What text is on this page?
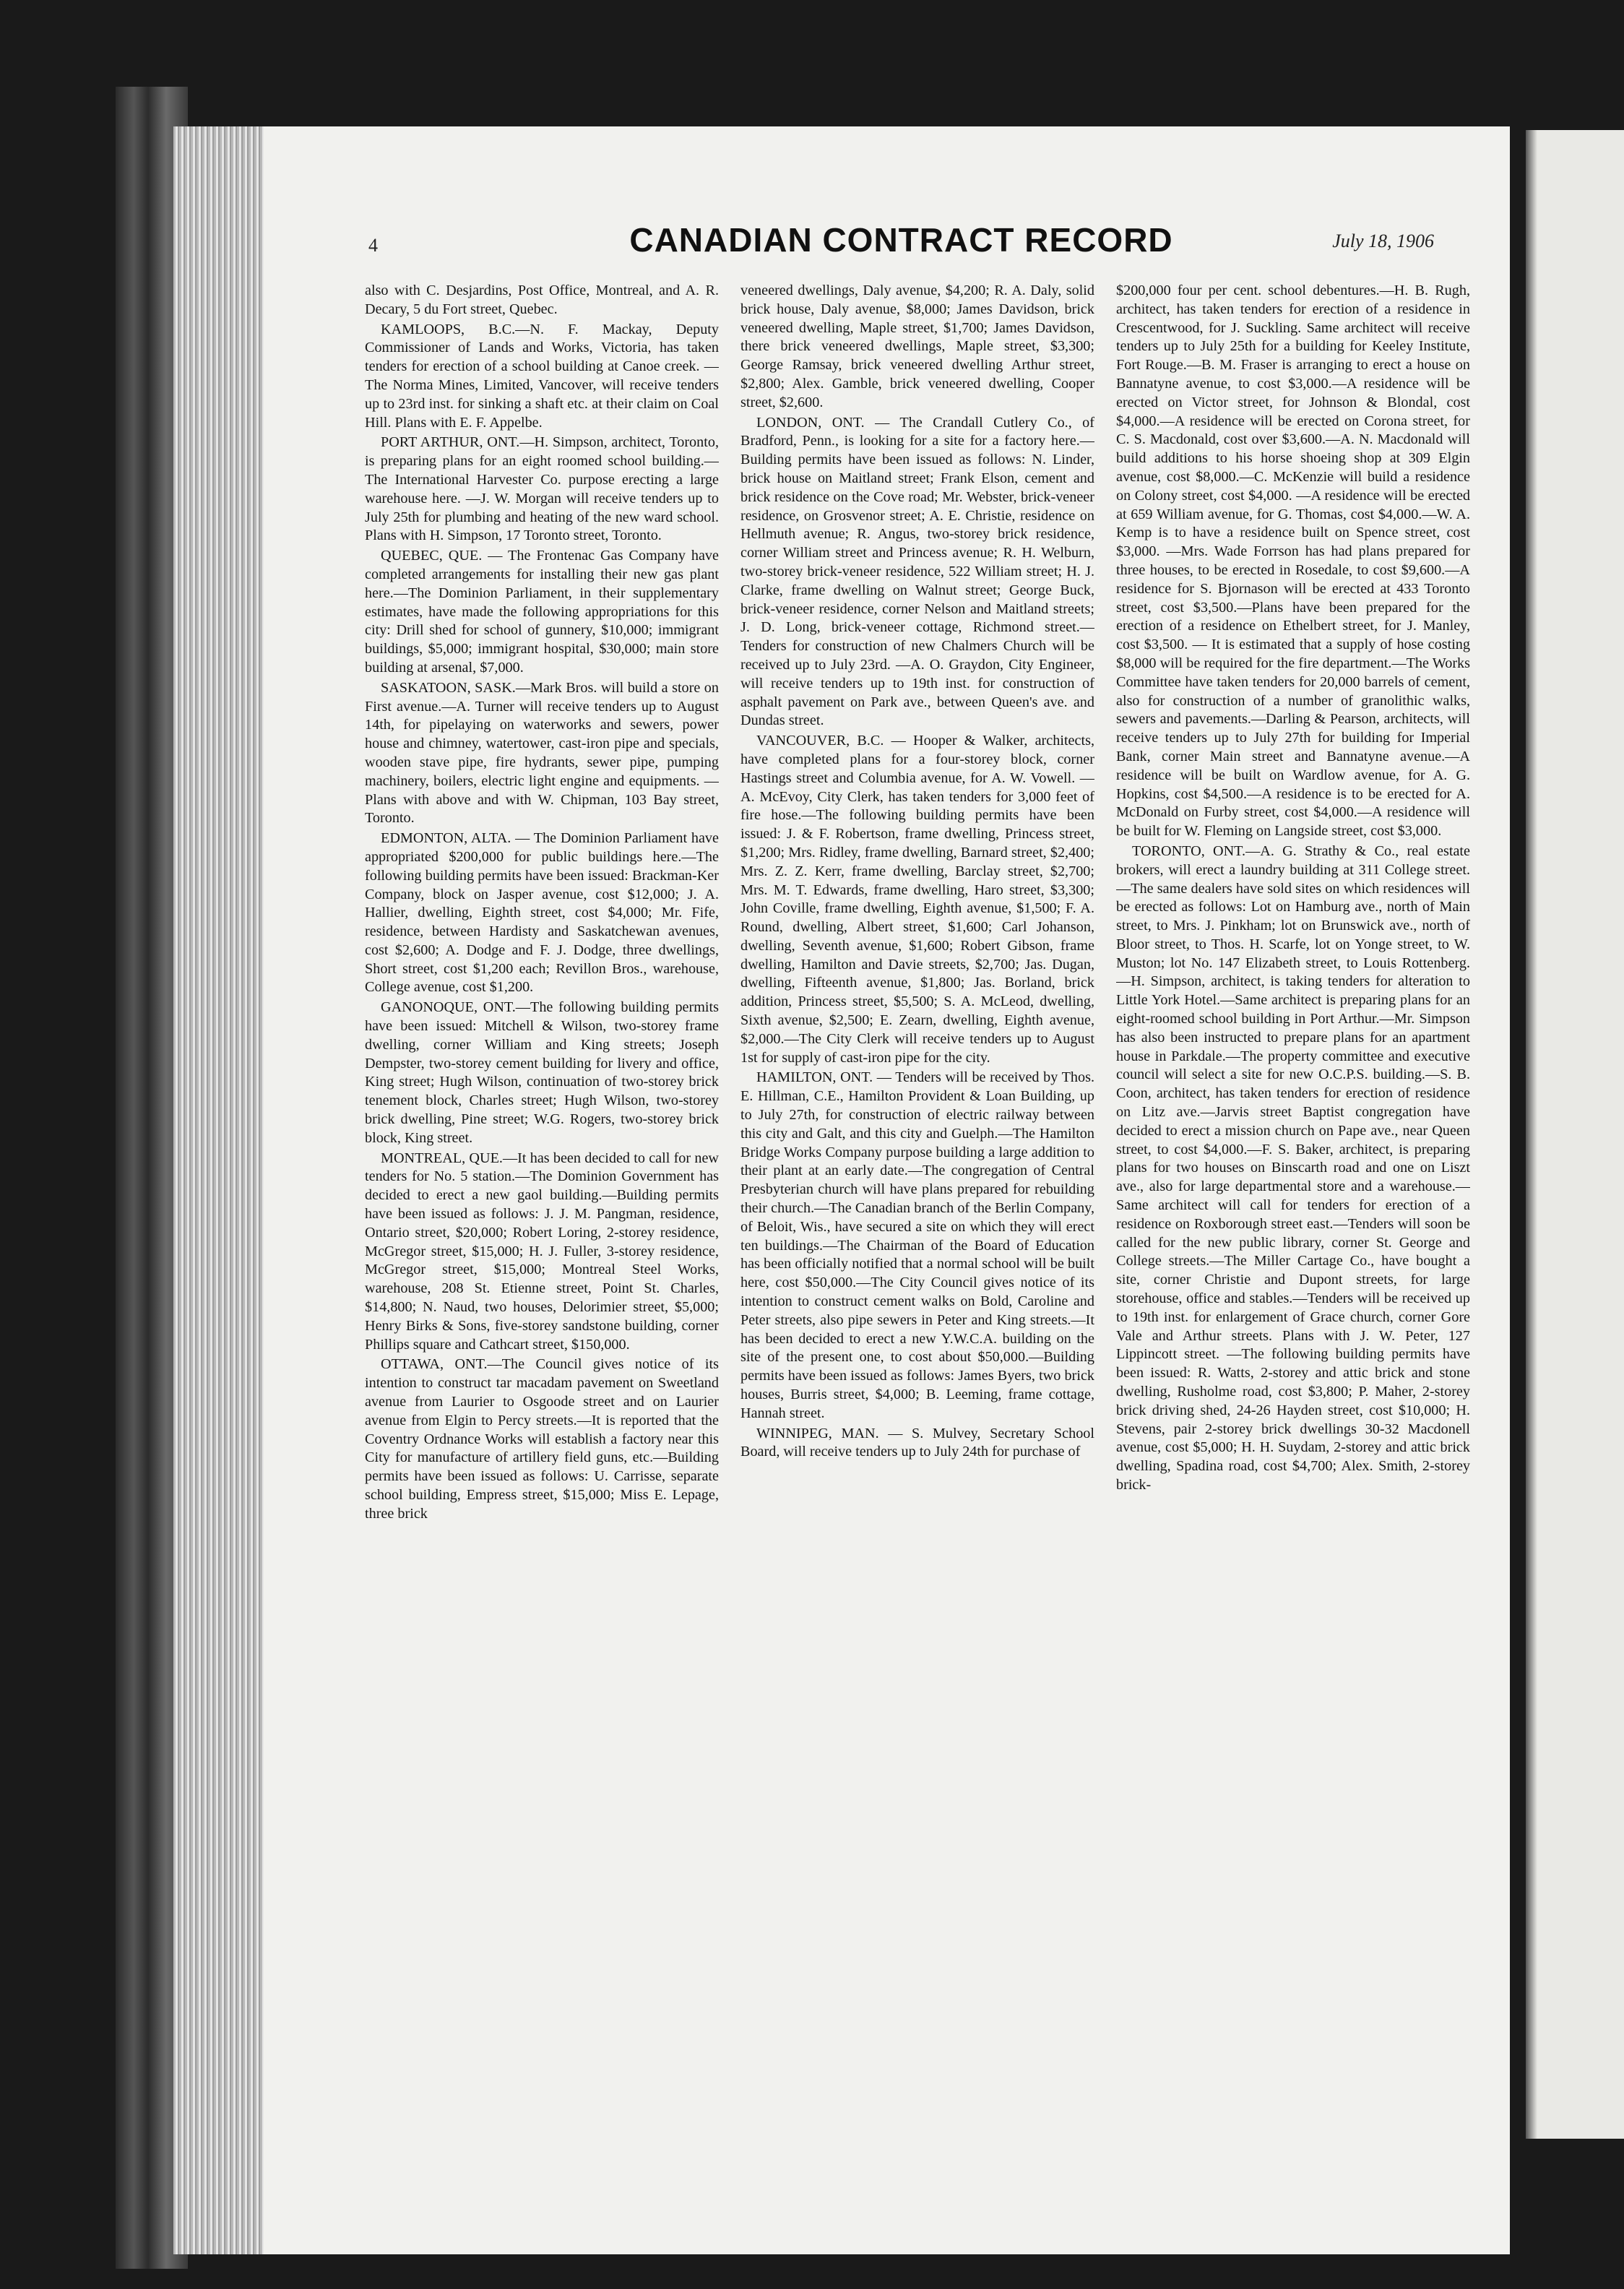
4	CANADIAN CONTRACT RECORD	July 18, 1906

also with C. Desjardins, Post Office, Montreal, and A. R. Decary, 5 du Fort street, Quebec.

KAMLOOPS, B.C.—N. F. Mackay, Deputy Commissioner of Lands and Works, Victoria, has taken tenders for erection of a school building at Canoe creek. — The Norma Mines, Limited, Vancover, will receive tenders up to 23rd inst. for sinking a shaft etc. at their claim on Coal Hill. Plans with E. F. Appelbe.

PORT ARTHUR, ONT.—H. Simpson, architect, Toronto, is preparing plans for an eight roomed school building.—The International Harvester Co. purpose erecting a large warehouse here. —J. W. Morgan will receive tenders up to July 25th for plumbing and heating of the new ward school. Plans with H. Simpson, 17 Toronto street, Toronto.

QUEBEC, QUE. — The Frontenac Gas Company have completed arrangements for installing their new gas plant here.—The Dominion Parliament, in their supplementary estimates, have made the following appropriations for this city: Drill shed for school of gunnery, $10,000; immigrant buildings, $5,000; immigrant hospital, $30,000; main store building at arsenal, $7,000.

SASKATOON, SASK.—Mark Bros. will build a store on First avenue.—A. Turner will receive tenders up to August 14th, for pipelaying on waterworks and sewers, power house and chimney, watertower, cast-iron pipe and specials, wooden stave pipe, fire hydrants, sewer pipe, pumping machinery, boilers, electric light engine and equipments. — Plans with above and with W. Chipman, 103 Bay street, Toronto.

EDMONTON, ALTA. — The Dominion Parliament have appropriated $200,000 for public buildings here.—The following building permits have been issued: Brackman-Ker Company, block on Jasper avenue, cost $12,000; J. A. Hallier, dwelling, Eighth street, cost $4,000; Mr. Fife, residence, between Hardisty and Saskatchewan avenues, cost $2,600; A. Dodge and F. J. Dodge, three dwellings, Short street, cost $1,200 each; Revillon Bros., warehouse, College avenue, cost $1,200.

GANONOQUE, ONT.—The following building permits have been issued: Mitchell & Wilson, two-storey frame dwelling, corner William and King streets; Joseph Dempster, two-storey cement building for livery and office, King street; Hugh Wilson, continuation of two-storey brick tenement block, Charles street; Hugh Wilson, two-storey brick dwelling, Pine street; W.G. Rogers, two-storey brick block, King street.

MONTREAL, QUE.—It has been decided to call for new tenders for No. 5 station.—The Dominion Government has decided to erect a new gaol building.—Building permits have been issued as follows: J. J. M. Pangman, residence, Ontario street, $20,000; Robert Loring, 2-storey residence, McGregor street, $15,000; H. J. Fuller, 3-storey residence, McGregor street, $15,000; Montreal Steel Works, warehouse, 208 St. Etienne street, Point St. Charles, $14,800; N. Naud, two houses, Delorimier street, $5,000; Henry Birks & Sons, five-storey sandstone building, corner Phillips square and Cathcart street, $150,000.

OTTAWA, ONT.—The Council gives notice of its intention to construct tar macadam pavement on Sweetland avenue from Laurier to Osgoode street and on Laurier avenue from Elgin to Percy streets.—It is reported that the Coventry Ordnance Works will establish a factory near this City for manufacture of artillery field guns, etc.—Building permits have been issued as follows: U. Carrisse, separate school building, Empress street, $15,000; Miss E. Lepage, three brick

veneered dwellings, Daly avenue, $4,200; R. A. Daly, solid brick house, Daly avenue, $8,000; James Davidson, brick veneered dwelling, Maple street, $1,700; James Davidson, there brick veneered dwellings, Maple street, $3,300; George Ramsay, brick veneered dwelling Arthur street, $2,800; Alex. Gamble, brick veneered dwelling, Cooper street, $2,600.

LONDON, ONT. — The Crandall Cutlery Co., of Bradford, Penn., is looking for a site for a factory here.—Building permits have been issued as follows: N. Linder, brick house on Maitland street; Frank Elson, cement and brick residence on the Cove road; Mr. Webster, brick-veneer residence, on Grosvenor street; A. E. Christie, residence on Hellmuth avenue; R. Angus, two-storey brick residence, corner William street and Princess avenue; R. H. Welburn, two-storey brick-veneer residence, 522 William street; H. J. Clarke, frame dwelling on Walnut street; George Buck, brick-veneer residence, corner Nelson and Maitland streets; J. D. Long, brick-veneer cottage, Richmond street.—Tenders for construction of new Chalmers Church will be received up to July 23rd. —A. O. Graydon, City Engineer, will receive tenders up to 19th inst. for construction of asphalt pavement on Park ave., between Queen's ave. and Dundas street.

VANCOUVER, B.C. — Hooper & Walker, architects, have completed plans for a four-storey block, corner Hastings street and Columbia avenue, for A. W. Vowell. — A. McEvoy, City Clerk, has taken tenders for 3,000 feet of fire hose.—The following building permits have been issued: J. & F. Robertson, frame dwelling, Princess street, $1,200; Mrs. Ridley, frame dwelling, Barnard street, $2,400; Mrs. Z. Z. Kerr, frame dwelling, Barclay street, $2,700; Mrs. M. T. Edwards, frame dwelling, Haro street, $3,300; John Coville, frame dwelling, Eighth avenue, $1,500; F. A. Round, dwelling, Albert street, $1,600; Carl Johanson, dwelling, Seventh avenue, $1,600; Robert Gibson, frame dwelling, Hamilton and Davie streets, $2,700; Jas. Dugan, dwelling, Fifteenth avenue, $1,800; Jas. Borland, brick addition, Princess street, $5,500; S. A. McLeod, dwelling, Sixth avenue, $2,500; E. Zearn, dwelling, Eighth avenue, $2,000.—The City Clerk will receive tenders up to August 1st for supply of cast-iron pipe for the city.

HAMILTON, ONT. — Tenders will be received by Thos. E. Hillman, C.E., Hamilton Provident & Loan Building, up to July 27th, for construction of electric railway between this city and Galt, and this city and Guelph.—The Hamilton Bridge Works Company purpose building a large addition to their plant at an early date.—The congregation of Central Presbyterian church will have plans prepared for rebuilding their church.—The Canadian branch of the Berlin Company, of Beloit, Wis., have secured a site on which they will erect ten buildings.—The Chairman of the Board of Education has been officially notified that a normal school will be built here, cost $50,000.—The City Council gives notice of its intention to construct cement walks on Bold, Caroline and Peter streets, also pipe sewers in Peter and King streets.—It has been decided to erect a new Y.W.C.A. building on the site of the present one, to cost about $50,000.—Building permits have been issued as follows: James Byers, two brick houses, Burris street, $4,000; B. Leeming, frame cottage, Hannah street.

WINNIPEG, MAN. — S. Mulvey, Secretary School Board, will receive tenders up to July 24th for purchase of

$200,000 four per cent. school debentures.—H. B. Rugh, architect, has taken tenders for erection of a residence in Crescentwood, for J. Suckling. Same architect will receive tenders up to July 25th for a building for Keeley Institute, Fort Rouge.—B. M. Fraser is arranging to erect a house on Bannatyne avenue, to cost $3,000.—A residence will be erected on Victor street, for Johnson & Blondal, cost $4,000.—A residence will be erected on Corona street, for C. S. Macdonald, cost over $3,600.—A. N. Macdonald will build additions to his horse shoeing shop at 309 Elgin avenue, cost $8,000.—C. McKenzie will build a residence on Colony street, cost $4,000. —A residence will be erected at 659 William avenue, for G. Thomas, cost $4,000.—W. A. Kemp is to have a residence built on Spence street, cost $3,000. —Mrs. Wade Forrson has had plans prepared for three houses, to be erected in Rosedale, to cost $9,600.—A residence for S. Bjornason will be erected at 433 Toronto street, cost $3,500.—Plans have been prepared for the erection of a residence on Ethelbert street, for J. Manley, cost $3,500. — It is estimated that a supply of hose costing $8,000 will be required for the fire department.—The Works Committee have taken tenders for 20,000 barrels of cement, also for construction of a number of granolithic walks, sewers and pavements.—Darling & Pearson, architects, will receive tenders up to July 27th for building for Imperial Bank, corner Main street and Bannatyne avenue.—A residence will be built on Wardlow avenue, for A. G. Hopkins, cost $4,500.—A residence is to be erected for A. McDonald on Furby street, cost $4,000.—A residence will be built for W. Fleming on Langside street, cost $3,000.

TORONTO, ONT.—A. G. Strathy & Co., real estate brokers, will erect a laundry building at 311 College street.—The same dealers have sold sites on which residences will be erected as follows: Lot on Hamburg ave., north of Main street, to Mrs. J. Pinkham; lot on Brunswick ave., north of Bloor street, to Thos. H. Scarfe, lot on Yonge street, to W. Muston; lot No. 147 Elizabeth street, to Louis Rottenberg.—H. Simpson, architect, is taking tenders for alteration to Little York Hotel.—Same architect is preparing plans for an eight-roomed school building in Port Arthur.—Mr. Simpson has also been instructed to prepare plans for an apartment house in Parkdale.—The property committee and executive council will select a site for new O.C.P.S. building.—S. B. Coon, architect, has taken tenders for erection of residence on Litz ave.—Jarvis street Baptist congregation have decided to erect a mission church on Pape ave., near Queen street, to cost $4,000.—F. S. Baker, architect, is preparing plans for two houses on Binscarth road and one on Liszt ave., also for large departmental store and a warehouse.—Same architect will call for tenders for erection of a residence on Roxborough street east.—Tenders will soon be called for the new public library, corner St. George and College streets.—The Miller Cartage Co., have bought a site, corner Christie and Dupont streets, for large storehouse, office and stables.—Tenders will be received up to 19th inst. for enlargement of Grace church, corner Gore Vale and Arthur streets. Plans with J. W. Peter, 127 Lippincott street. —The following building permits have been issued: R. Watts, 2-storey and attic brick and stone dwelling, Rusholme road, cost $3,800; P. Maher, 2-storey brick driving shed, 24-26 Hayden street, cost $10,000; H. Stevens, pair 2-storey brick dwellings 30-32 Macdonell avenue, cost $5,000; H. H. Suydam, 2-storey and attic brick dwelling, Spadina road, cost $4,700; Alex. Smith, 2-storey brick-
